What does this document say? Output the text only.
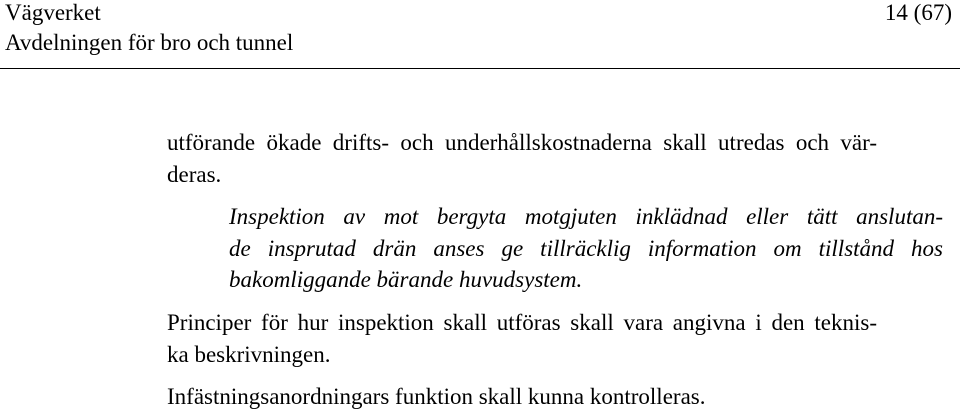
Vägverket
Avdelningen för bro och tunnel
14 (67)
utförande ökade drifts- och underhållskostnaderna skall utredas och vär-
deras.
Inspektion av mot bergyta motgjuten inklädnad eller tätt anslutan-
de insprutad drän anses ge tillräcklig information om tillstånd hos
bakomliggande bärande huvudsystem.
Principer för hur inspektion skall utföras skall vara angivna i den teknis-
ka beskrivningen.
Infästningsanordningars funktion skall kunna kontrolleras.
